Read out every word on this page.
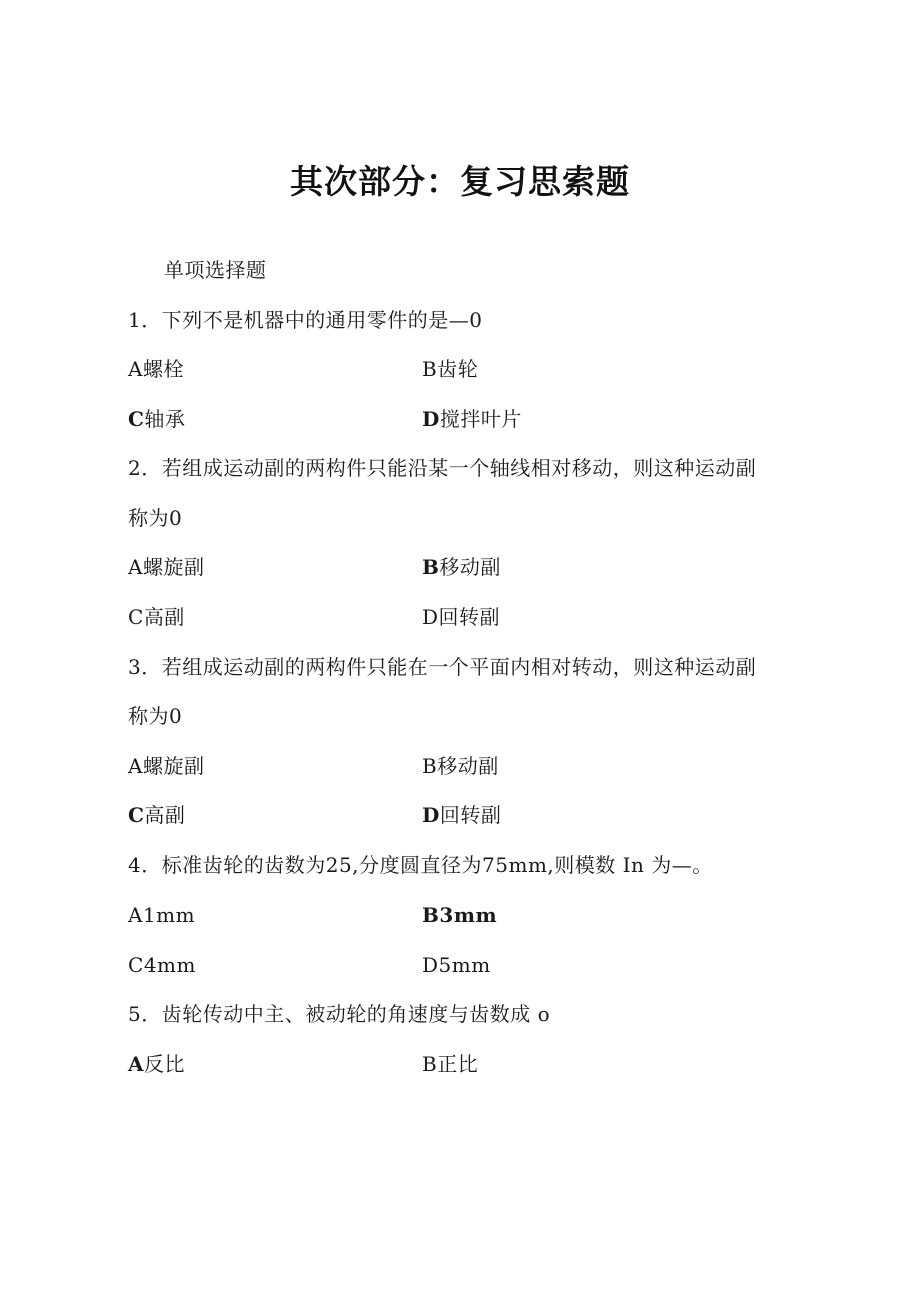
其次部分：复习思索题
单项选择题
1．下列不是机器中的通用零件的是—0
A螺栓	B齿轮
C轴承	D搅拌叶片
2．若组成运动副的两构件只能沿某一个轴线相对移动，则这种运动副
称为0
A螺旋副	B移动副
C高副	D回转副
3．若组成运动副的两构件只能在一个平面内相对转动，则这种运动副
称为0
A螺旋副	B移动副
C高副	D回转副
4．标准齿轮的齿数为25,分度圆直径为75mm,则模数 In 为—。
A1mm	B3mm
C4mm	D5mm
5．齿轮传动中主、被动轮的角速度与齿数成 o
A反比	B正比
